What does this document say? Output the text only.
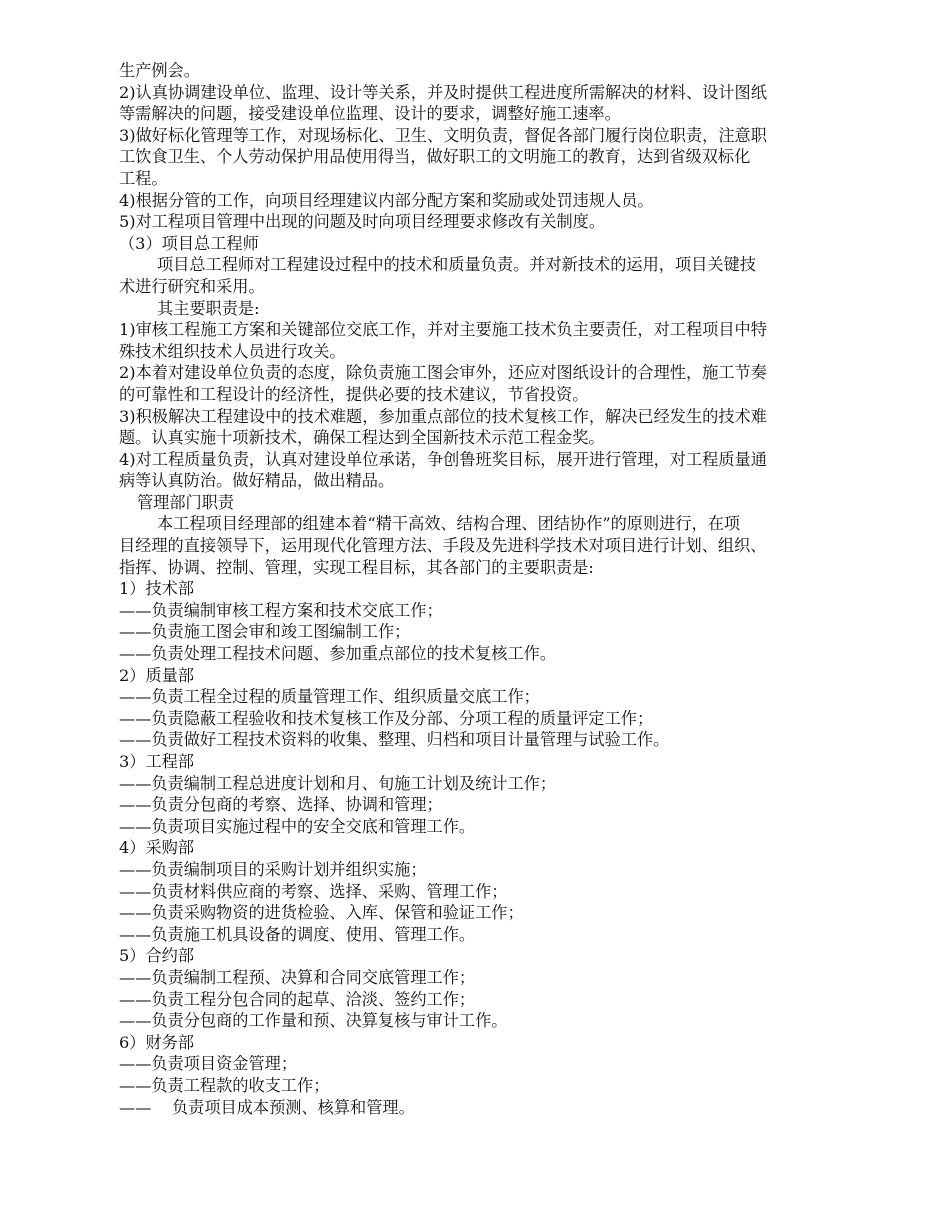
生产例会。
2)认真协调建设单位、监理、设计等关系，并及时提供工程进度所需解决的材料、设计图纸
等需解决的问题，接受建设单位监理、设计的要求，调整好施工速率。
3)做好标化管理等工作，对现场标化、卫生、文明负责，督促各部门履行岗位职责，注意职
工饮食卫生、个人劳动保护用品使用得当，做好职工的文明施工的教育，达到省级双标化
工程。
4)根据分管的工作，向项目经理建议内部分配方案和奖励或处罚违规人员。
5)对工程项目管理中出现的问题及时向项目经理要求修改有关制度。
（3）项目总工程师
项目总工程师对工程建设过程中的技术和质量负责。并对新技术的运用，项目关键技
术进行研究和采用。
其主要职责是:
1)审核工程施工方案和关键部位交底工作，并对主要施工技术负主要责任，对工程项目中特
殊技术组织技术人员进行攻关。
2)本着对建设单位负责的态度，除负责施工图会审外，还应对图纸设计的合理性，施工节奏
的可靠性和工程设计的经济性，提供必要的技术建议，节省投资。
3)积极解决工程建设中的技术难题，参加重点部位的技术复核工作，解决已经发生的技术难
题。认真实施十项新技术，确保工程达到全国新技术示范工程金奖。
4)对工程质量负责，认真对建设单位承诺，争创鲁班奖目标，展开进行管理，对工程质量通
病等认真防治。做好精品，做出精品。
管理部门职责
本工程项目经理部的组建本着“精干高效、结构合理、团结协作”的原则进行，在项
目经理的直接领导下，运用现代化管理方法、手段及先进科学技术对项目进行计划、组织、
指挥、协调、控制、管理，实现工程目标，其各部门的主要职责是:
1）技术部
——负责编制审核工程方案和技术交底工作；
——负责施工图会审和竣工图编制工作；
——负责处理工程技术问题、参加重点部位的技术复核工作。
2）质量部
——负责工程全过程的质量管理工作、组织质量交底工作；
——负责隐蔽工程验收和技术复核工作及分部、分项工程的质量评定工作；
——负责做好工程技术资料的收集、整理、归档和项目计量管理与试验工作。
3）工程部
——负责编制工程总进度计划和月、旬施工计划及统计工作；
——负责分包商的考察、选择、协调和管理；
——负责项目实施过程中的安全交底和管理工作。
4）采购部
——负责编制项目的采购计划并组织实施；
——负责材料供应商的考察、选择、采购、管理工作；
——负责采购物资的进货检验、入库、保管和验证工作；
——负责施工机具设备的调度、使用、管理工作。
5）合约部
——负责编制工程预、决算和合同交底管理工作；
——负责工程分包合同的起草、洽淡、签约工作；
——负责分包商的工作量和预、决算复核与审计工作。
6）财务部
——负责项目资金管理；
——负责工程款的收支工作；
——    负责项目成本预测、核算和管理。
